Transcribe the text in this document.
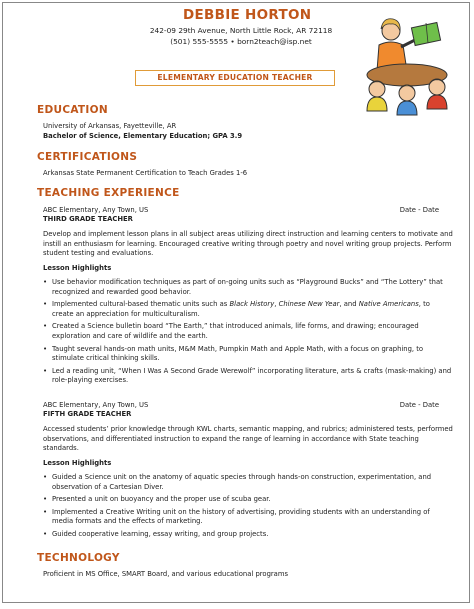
DEBBIE HORTON
242-09 29th Avenue, North Little Rock, AR 72118
(501) 555-5555 • born2teach@isp.net
ELEMENTARY EDUCATION TEACHER
EDUCATION
University of Arkansas, Fayetteville, AR
Bachelor of Science, Elementary Education; GPA 3.9
CERTIFICATIONS
Arkansas State Permanent Certification to Teach Grades 1-6
TEACHING EXPERIENCE
ABC Elementary, Any Town, US	Date - Date
THIRD GRADE TEACHER
Develop and implement lesson plans in all subject areas utilizing direct instruction and learning centers to motivate and instill an enthusiasm for learning. Encouraged creative writing through poetry and novel writing group projects. Perform student testing and evaluations.
Lesson Highlights
• Use behavior modification techniques as part of on-going units such as “Playground Bucks” and “The Lottery” that recognized and rewarded good behavior.
• Implemented cultural-based thematic units such as Black History, Chinese New Year, and Native Americans, to create an appreciation for multiculturalism.
• Created a Science bulletin board “The Earth,” that introduced animals, life forms, and drawing; encouraged exploration and care of wildlife and the earth.
• Taught several hands-on math units, M&M Math, Pumpkin Math and Apple Math, with a focus on graphing, to stimulate critical thinking skills.
• Led a reading unit, “When I Was A Second Grade Werewolf” incorporating literature, arts & crafts (mask-making) and role-playing exercises.
ABC Elementary, Any Town, US	Date - Date
FIFTH GRADE TEACHER
Accessed students’ prior knowledge through KWL charts, semantic mapping, and rubrics; administered tests, performed observations, and differentiated instruction to expand the range of learning in accordance with State teaching standards.
Lesson Highlights
• Guided a Science unit on the anatomy of aquatic species through hands-on construction, experimentation, and observation of a Cartesian Diver.
• Presented a unit on buoyancy and the proper use of scuba gear.
• Implemented a Creative Writing unit on the history of advertising, providing students with an understanding of media formats and the effects of marketing.
• Guided cooperative learning, essay writing, and group projects.
TECHNOLOGY
Proficient in MS Office, SMART Board, and various educational programs
